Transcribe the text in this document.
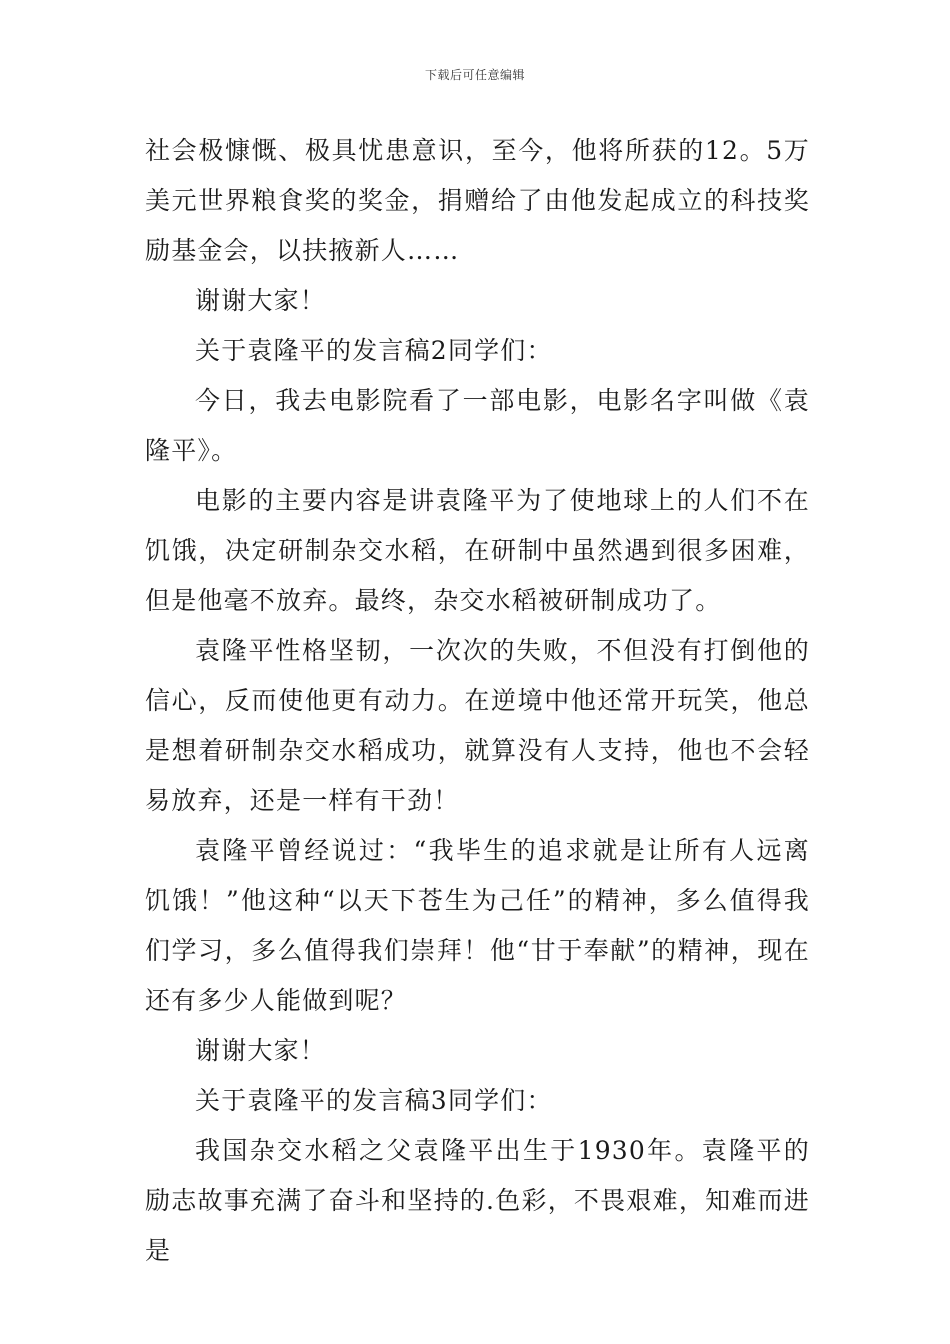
下载后可任意编辑

社会极慷慨、极具忧患意识，至今，他将所获的12。5万美元世界粮食奖的奖金，捐赠给了由他发起成立的科技奖励基金会，以扶掖新人……

谢谢大家！

关于袁隆平的发言稿2同学们：

今日，我去电影院看了一部电影，电影名字叫做《袁隆平》。

电影的主要内容是讲袁隆平为了使地球上的人们不在饥饿，决定研制杂交水稻，在研制中虽然遇到很多困难，但是他毫不放弃。最终，杂交水稻被研制成功了。

袁隆平性格坚韧，一次次的失败，不但没有打倒他的信心，反而使他更有动力。在逆境中他还常开玩笑，他总是想着研制杂交水稻成功，就算没有人支持，他也不会轻易放弃，还是一样有干劲！

袁隆平曾经说过：“我毕生的追求就是让所有人远离饥饿！”他这种“以天下苍生为己任”的精神，多么值得我们学习，多么值得我们崇拜！他“甘于奉献”的精神，现在还有多少人能做到呢？

谢谢大家！

关于袁隆平的发言稿3同学们：

我国杂交水稻之父袁隆平出生于1930年。袁隆平的励志故事充满了奋斗和坚持的.色彩，不畏艰难，知难而进是
